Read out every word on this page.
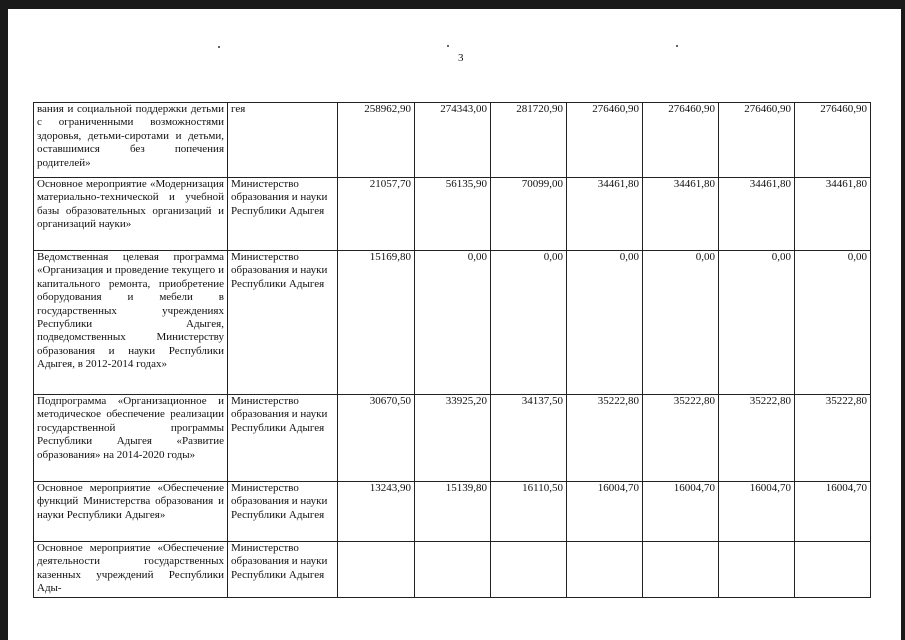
3
вания и социальной поддержки детьми с ограниченными возможностями здоровья, детьми-сиротами и детьми, оставшимися без попечения родителей»	гея	258962,90	274343,00	281720,90	276460,90	276460,90	276460,90	276460,90
Основное мероприятие «Модернизация материально-технической и учебной базы образовательных организаций и организаций науки»	Министерство образования и науки Республики Адыгея	21057,70	56135,90	70099,00	34461,80	34461,80	34461,80	34461,80
Ведомственная целевая программа «Организация и проведение текущего и капитального ремонта, приобретение оборудования и мебели в государственных учреждениях Республики Адыгея, подведомственных Министерству образования и науки Республики Адыгея, в 2012-2014 годах»	Министерство образования и науки Республики Адыгея	15169,80	0,00	0,00	0,00	0,00	0,00	0,00
Подпрограмма «Организационное и методическое обеспечение реализации государственной программы Республики Адыгея «Развитие образования» на 2014-2020 годы»	Министерство образования и науки Республики Адыгея	30670,50	33925,20	34137,50	35222,80	35222,80	35222,80	35222,80
Основное мероприятие «Обеспечение функций Министерства образования и науки Республики Адыгея»	Министерство образования и науки Республики Адыгея	13243,90	15139,80	16110,50	16004,70	16004,70	16004,70	16004,70
Основное мероприятие «Обеспечение деятельности государственных казенных учреждений Республики Ады-	Министерство образования и науки Республики Адыгея							
